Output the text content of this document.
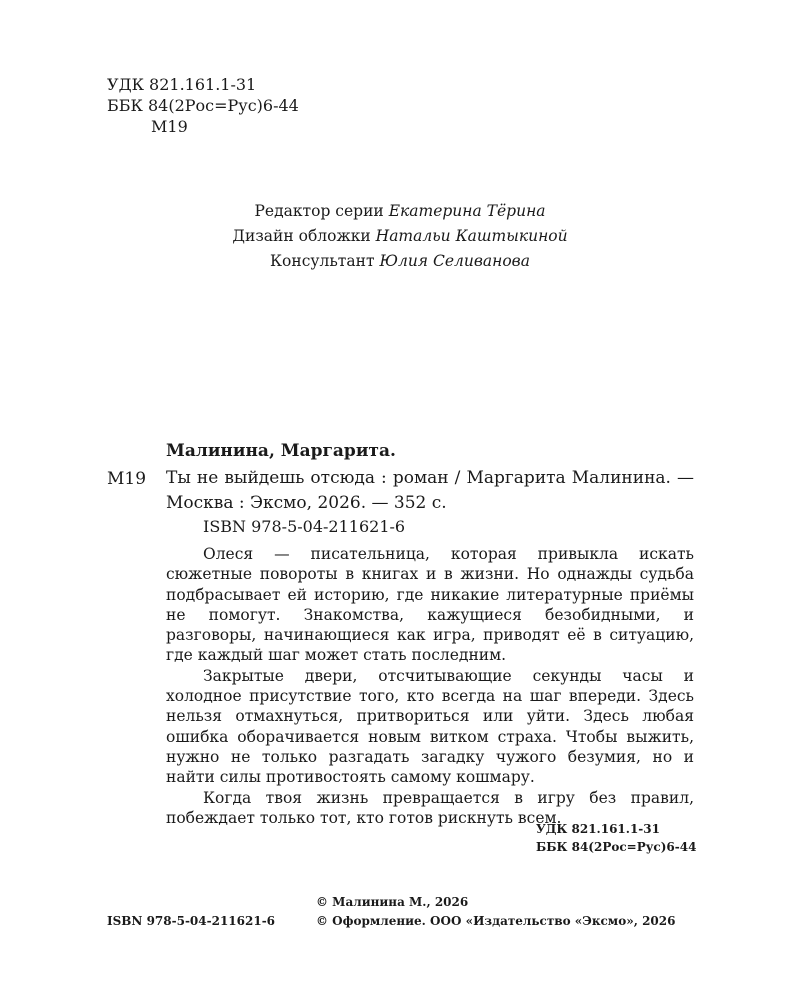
УДК 821.161.1-31
ББК 84(2Рос=Рус)6-44
М19
Редактор серии Екатерина Тёрина
Дизайн обложки Натальи Каштыкиной
Консультант Юлия Селиванова
Малинина, Маргарита.
М19 Ты не выйдешь отсюда : роман / Маргарита Малинина. — Москва : Эксмо, 2026. — 352 с.
ISBN 978-5-04-211621-6

Олеся — писательница, которая привыкла искать сюжетные повороты в книгах и в жизни. Но однажды судьба подбрасывает ей историю, где никакие литературные приёмы не помогут. Знакомства, кажущиеся безобидными, и разговоры, начинающиеся как игра, приводят её в ситуацию, где каждый шаг может стать последним.

Закрытые двери, отсчитывающие секунды часы и холодное присутствие того, кто всегда на шаг впереди. Здесь нельзя отмахнуться, притвориться или уйти. Здесь любая ошибка оборачивается новым витком страха. Чтобы выжить, нужно не только разгадать загадку чужого безумия, но и найти силы противостоять самому кошмару.

Когда твоя жизнь превращается в игру без правил, побеждает только тот, кто готов рискнуть всем.

УДК 821.161.1-31
ББК 84(2Рос=Рус)6-44
© Малинина М., 2026
© Оформление. ООО «Издательство «Эксмо», 2026
ISBN 978-5-04-211621-6
